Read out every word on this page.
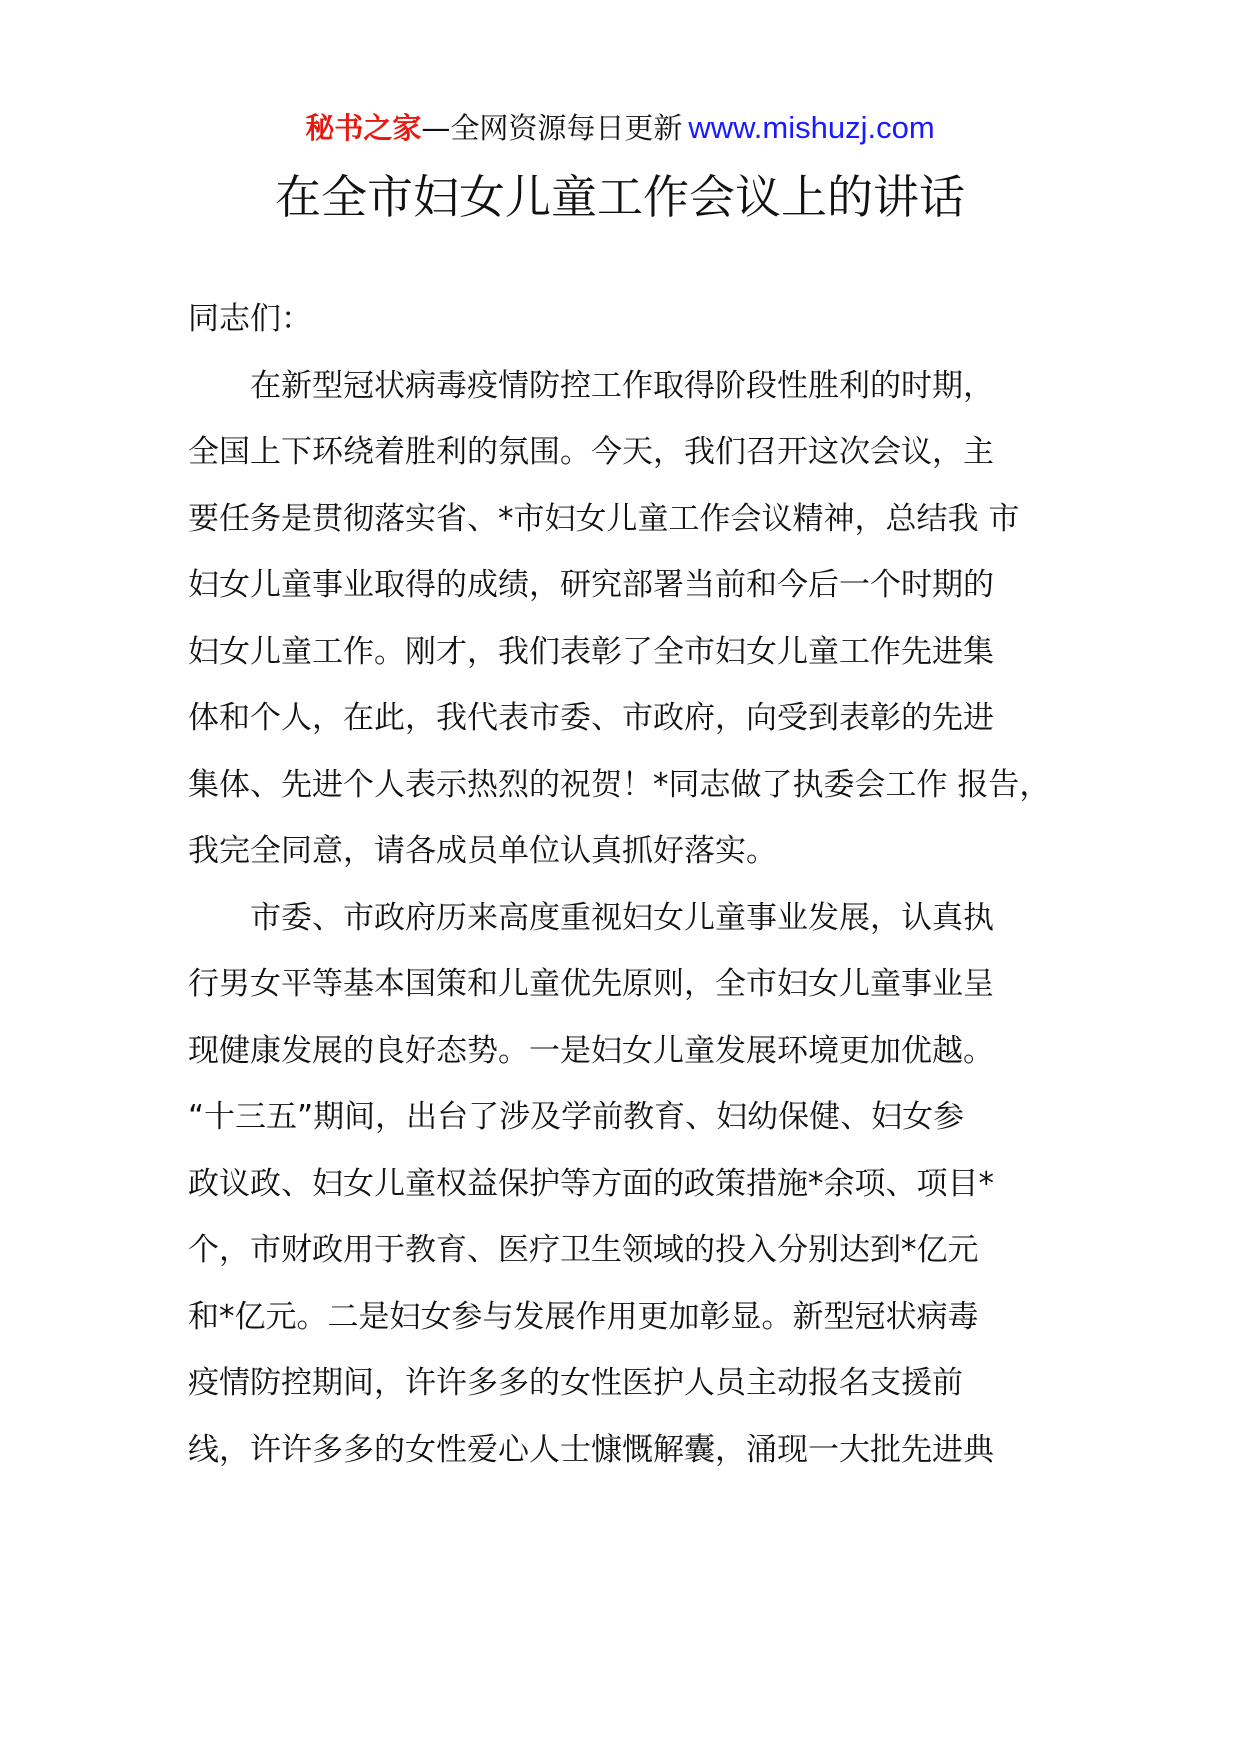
秘书之家—全网资源每日更新 www.mishuzj.com
在全市妇女儿童工作会议上的讲话
同志们：
　　在新型冠状病毒疫情防控工作取得阶段性胜利的时期，
全国上下环绕着胜利的氛围。今天，我们召开这次会议，主
要任务是贯彻落实省、*市妇女儿童工作会议精神，总结我 市
妇女儿童事业取得的成绩，研究部署当前和今后一个时期的
妇女儿童工作。刚才，我们表彰了全市妇女儿童工作先进集
体和个人，在此，我代表市委、市政府，向受到表彰的先进
集体、先进个人表示热烈的祝贺！*同志做了执委会工作 报告，
我完全同意，请各成员单位认真抓好落实。
　　市委、市政府历来高度重视妇女儿童事业发展，认真执
行男女平等基本国策和儿童优先原则，全市妇女儿童事业呈
现健康发展的良好态势。一是妇女儿童发展环境更加优越。
“十三五”期间，出台了涉及学前教育、妇幼保健、妇女参
政议政、妇女儿童权益保护等方面的政策措施*余项、项目*
个，市财政用于教育、医疗卫生领域的投入分别达到*亿元
和*亿元。二是妇女参与发展作用更加彰显。新型冠状病毒
疫情防控期间，许许多多的女性医护人员主动报名支援前
线，许许多多的女性爱心人士慷慨解囊，涌现一大批先进典
